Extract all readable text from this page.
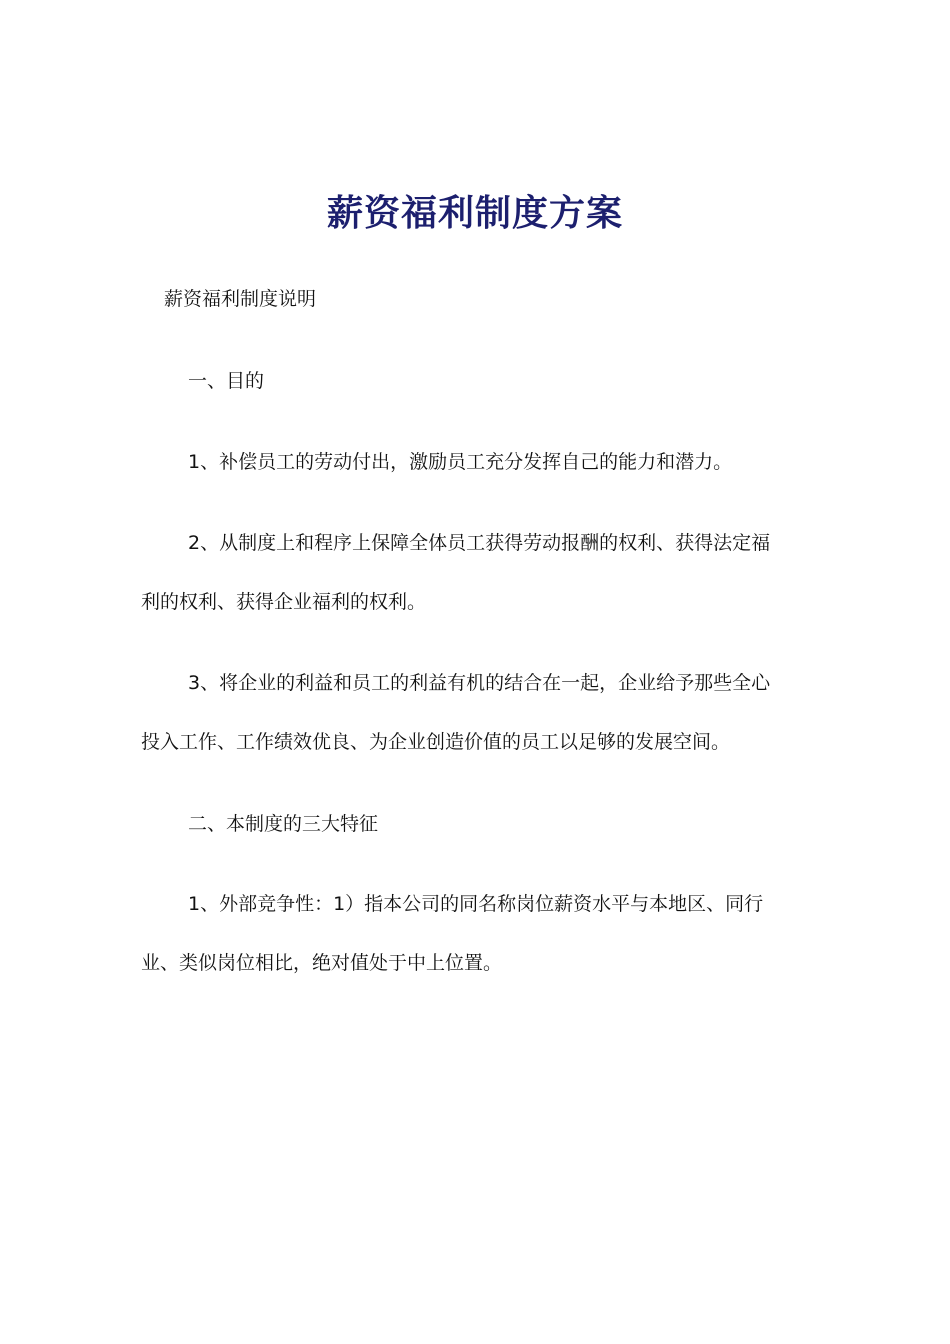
薪资福利制度方案

薪资福利制度说明

一、目的

1、补偿员工的劳动付出，激励员工充分发挥自己的能力和潜力。

2、从制度上和程序上保障全体员工获得劳动报酬的权利、获得法定福

利的权利、获得企业福利的权利。

3、将企业的利益和员工的利益有机的结合在一起，企业给予那些全心

投入工作、工作绩效优良、为企业创造价值的员工以足够的发展空间。

二、本制度的三大特征

1、外部竞争性：1）指本公司的同名称岗位薪资水平与本地区、同行

业、类似岗位相比，绝对值处于中上位置。
